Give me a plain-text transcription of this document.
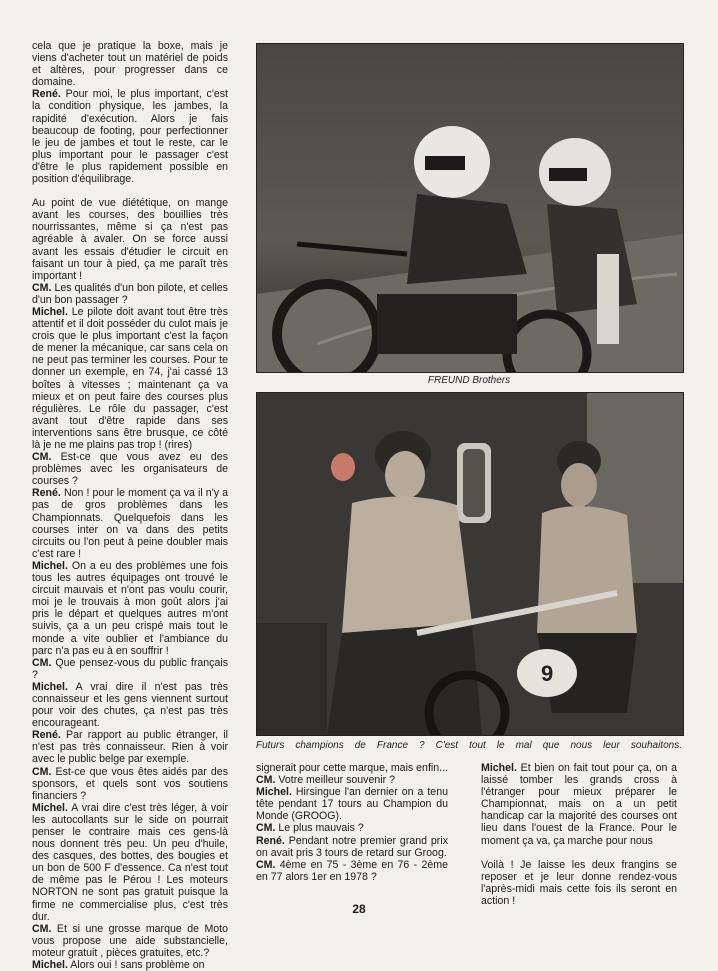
cela que je pratique la boxe, mais je viens d'acheter tout un matériel de poids et altères, pour progresser dans ce domaine.

René. Pour moi, le plus important, c'est la condition physique, les jambes, la rapidité d'exécution. Alors je fais beaucoup de footing, pour perfectionner le jeu de jambes et tout le reste, car le plus important pour le passager c'est d'être le plus rapidement possible en position d'équilibrage.

Au point de vue diététique, on mange avant les courses, des bouillies très nourrissantes, même si ça n'est pas agréable à avaler. On se force aussi avant les essais d'étudier le circuit en faisant un tour à pied, ça me paraît très important !

CM. Les qualités d'un bon pilote, et celles d'un bon passager ?

Michel. Le pilote doit avant tout être très attentif et il doit posséder du culot mais je crois que le plus important c'est la façon de mener la mécanique, car sans cela on ne peut pas terminer les courses. Pour te donner un exemple, en 74, j'ai cassé 13 boîtes à vitesses ; maintenant ça va mieux et on peut faire des courses plus régulières. Le rôle du passager, c'est avant tout d'être rapide dans ses interventions sans être brusque, ce côté là je ne me plains pas trop ! (rires)

CM. Est-ce que vous avez eu des problèmes avec les organisateurs de courses ?

René. Non ! pour le moment ça va il n'y a pas de gros problèmes dans les Championnats. Quelquefois dans les courses inter on va dans des petits circuits ou l'on peut à peine doubler mais c'est rare !

Michel. On a eu des problèmes une fois tous les autres équipages ont trouvé le circuit mauvais et n'ont pas voulu courir, moi je le trouvais à mon goût alors j'ai pris le départ et quelques autres m'ont suivis, ça a un peu crispé mais tout le monde a vite oublier et l'ambiance du parc n'a pas eu à en souffrir !

CM. Que pensez-vous du public français ?

Michel. A vrai dire il n'est pas très connaisseur et les gens viennent surtout pour voir des chutes, ça n'est pas très encourageant.

René. Par rapport au public étranger, il n'est pas très connaisseur. Rien à voir avec le public belge par exemple.

CM. Est-ce que vous êtes aidés par des sponsors, et quels sont vos soutiens financiers ?

Michel. A vrai dire c'est très léger, à voir les autocollants sur le side on pourrait penser le contraire mais ces gens-là nous donnent très peu. Un peu d'huile, des casques, des bottes, des bougies et un bon de 500 F d'essence. Ca n'est tout de même pas le Pérou ! Les moteurs NORTON ne sont pas gratuit puisque la firme ne commercialise plus, c'est très dur.

CM. Et si une grosse marque de Moto vous propose une aide substancielle, moteur gratuit , pièces gratuites, etc.?

Michel. Alors oui ! sans problème on

FREUND Brothers
9
Futurs champions de France ? C'est tout le mal que nous leur souhaitons.

signerait pour cette marque, mais enfin...

CM. Votre meilleur souvenir ?

Michel. Hirsingue l'an dernier on a tenu tête pendant 17 tours au Champion du Monde (GROOG).

CM. Le plus mauvais ?

René. Pendant notre premier grand prix on avait pris 3 tours de retard sur Groog.

CM. 4ème en 75 - 3ème en 76 - 2ème en 77 alors 1er en 1978 ?

Michel. Et bien on fait tout pour ça, on a laissé tomber les grands cross à l'étranger pour mieux préparer le Championnat, mais on a un petit handicap car la majorité des courses ont lieu dans l'ouest de la France. Pour le moment ça va, ça marche pour nous

Voilà ! Je laisse les deux frangins se reposer et je leur donne rendez-vous l'après-midi mais cette fois ils seront en action !

28
